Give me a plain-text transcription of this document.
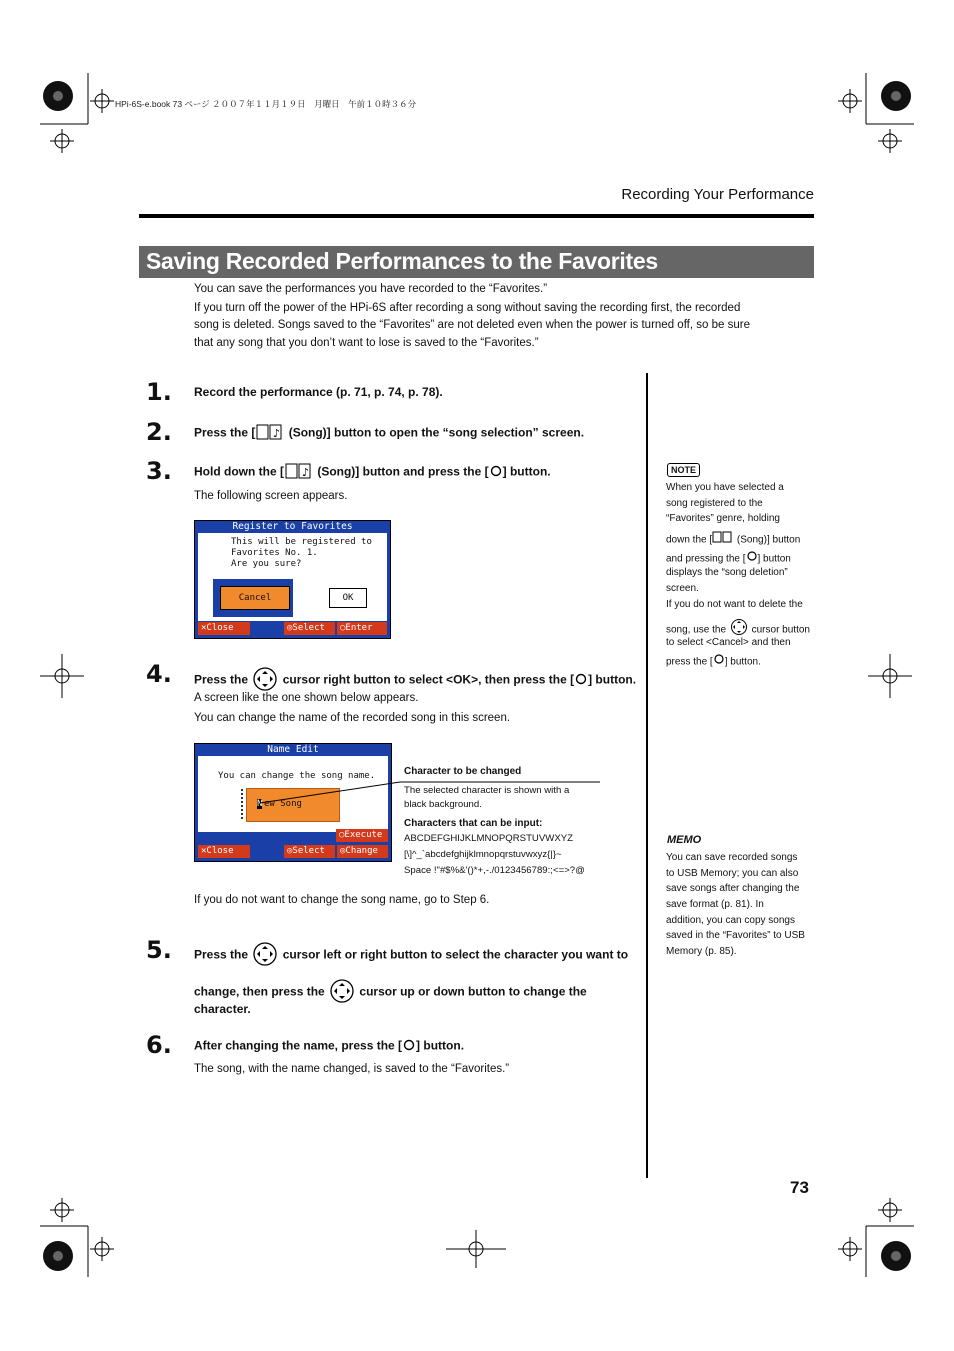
HPi-6S-e.book 73 ページ ２００７年１１月１９日　月曜日　午前１０時３６分
Recording Your Performance
Saving Recorded Performances to the Favorites
You can save the performances you have recorded to the “Favorites.”
If you turn off the power of the HPi-6S after recording a song without saving the recording first, the recorded
song is deleted. Songs saved to the “Favorites” are not deleted even when the power is turned off, so be sure
that any song that you don’t want to lose is saved to the “Favorites.”
1. Record the performance (p. 71, p. 74, p. 78).
2. Press the [ ♪ (Song)] button to open the “song selection” screen.
3. Hold down the [ ♪ (Song)] button and press the [ ] button.
The following screen appears.
Register to Favorites
This will be registered to
Favorites No. 1.
Are you sure?
Cancel	OK
✕Close	◎Select	○Enter
4. Press the	cursor right button to select <OK>, then press the [ ] button.
A screen like the one shown below appears.
You can change the name of the recorded song in this screen.
Name Edit
You can change the song name.
N ew Song
○Execute
✕Close	◎Select	◎Change
Character to be changed
The selected character is shown with a
black background.
Characters that can be input:
ABCDEFGHIJKLMNOPQRSTUVWXYZ
[\]^_`abcdefghijklmnopqrstuvwxyz{|}~
Space !"#$%&'()*+,-./0123456789:;<=>?@
If you do not want to change the song name, go to Step 6.
5. Press the	cursor left or right button to select the character you want to
change, then press the	cursor up or down button to change the
character.
6. After changing the name, press the [ ] button.
The song, with the name changed, is saved to the “Favorites.”
NOTE
When you have selected a
song registered to the
“Favorites” genre, holding
down the [ (Song)] button
and pressing the [ ] button
displays the “song deletion”
screen.
If you do not want to delete the
song, use the	cursor button
to select <Cancel> and then
press the [ ] button.
MEMO
You can save recorded songs
to USB Memory; you can also
save songs after changing the
save format (p. 81). In
addition, you can copy songs
saved in the “Favorites” to USB
Memory (p. 85).
73
